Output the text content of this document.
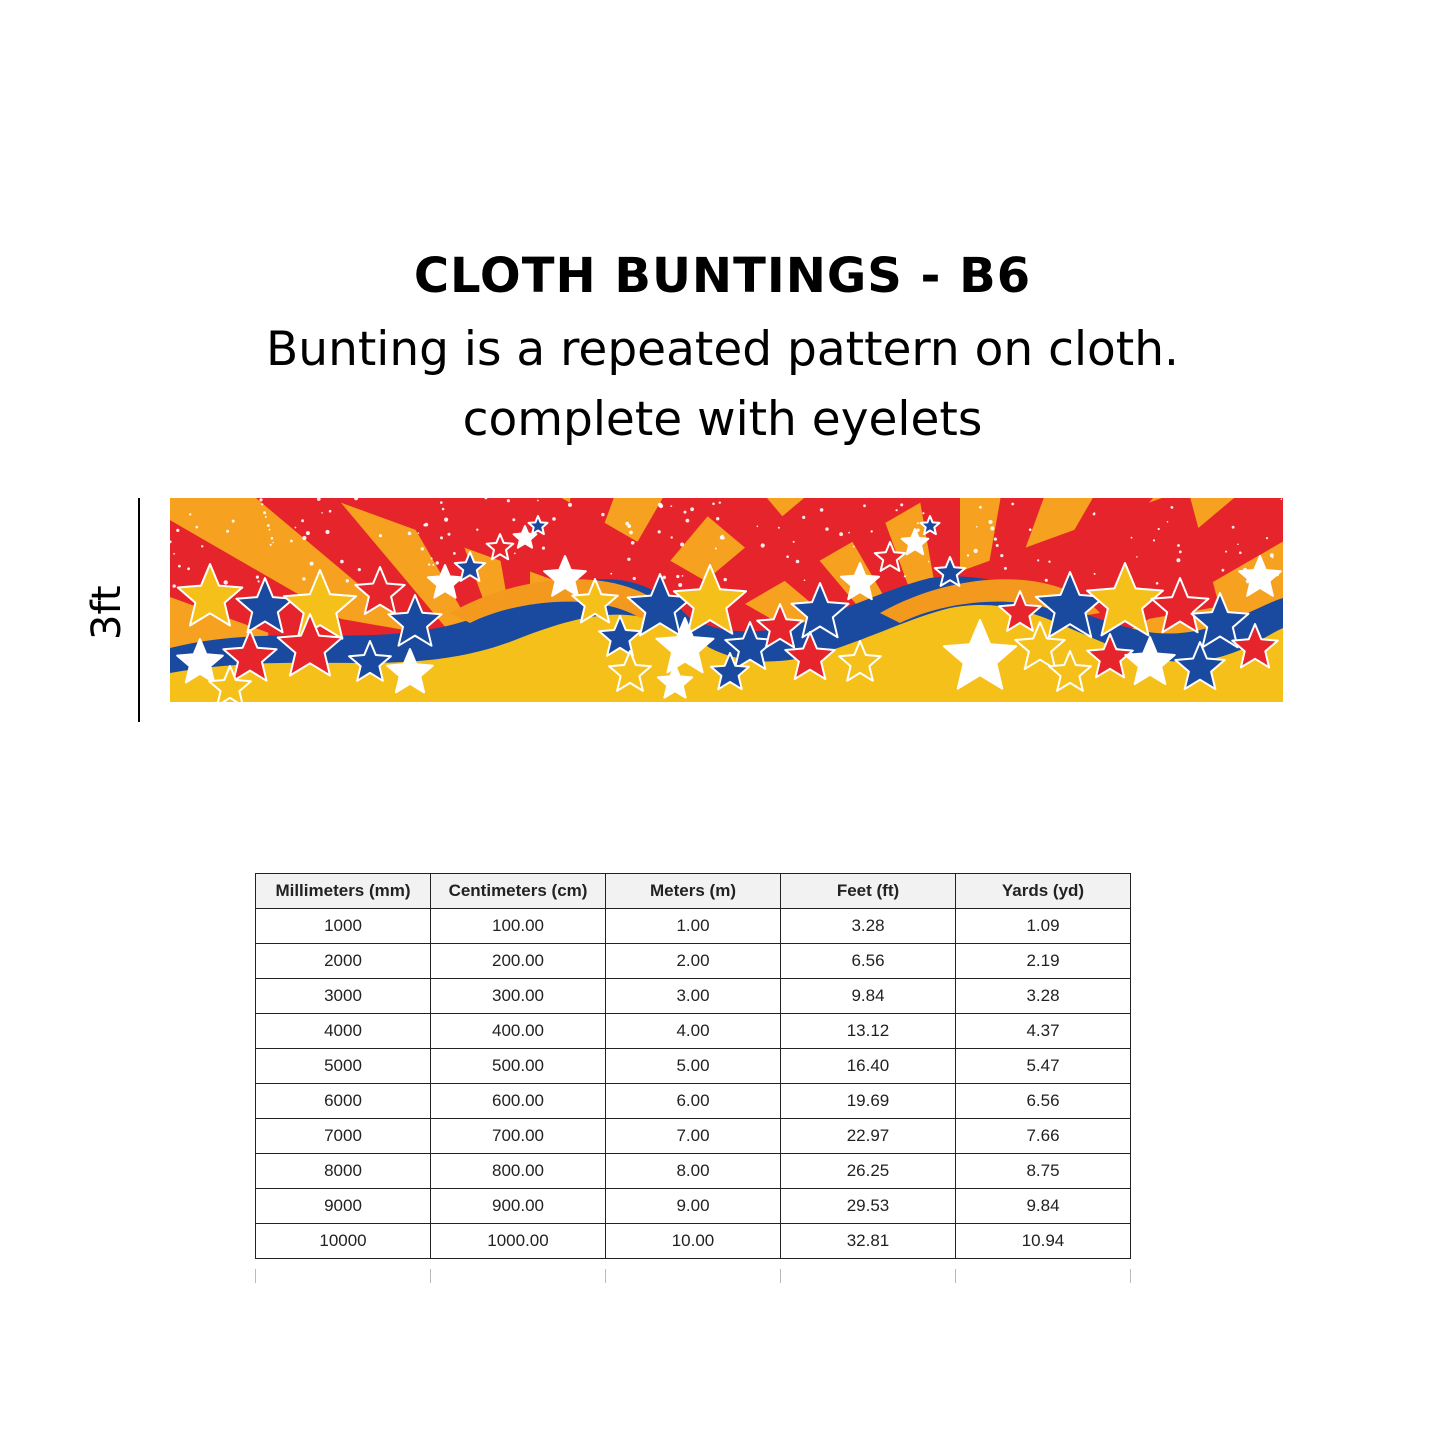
CLOTH BUNTINGS - B6

Bunting is a repeated pattern on cloth.

complete with eyelets

3ft
Millimeters (mm)	Centimeters (cm)	Meters (m)	Feet (ft)	Yards (yd)
1000	100.00	1.00	3.28	1.09
2000	200.00	2.00	6.56	2.19
3000	300.00	3.00	9.84	3.28
4000	400.00	4.00	13.12	4.37
5000	500.00	5.00	16.40	5.47
6000	600.00	6.00	19.69	6.56
7000	700.00	7.00	22.97	7.66
8000	800.00	8.00	26.25	8.75
9000	900.00	9.00	29.53	9.84
10000	1000.00	10.00	32.81	10.94
